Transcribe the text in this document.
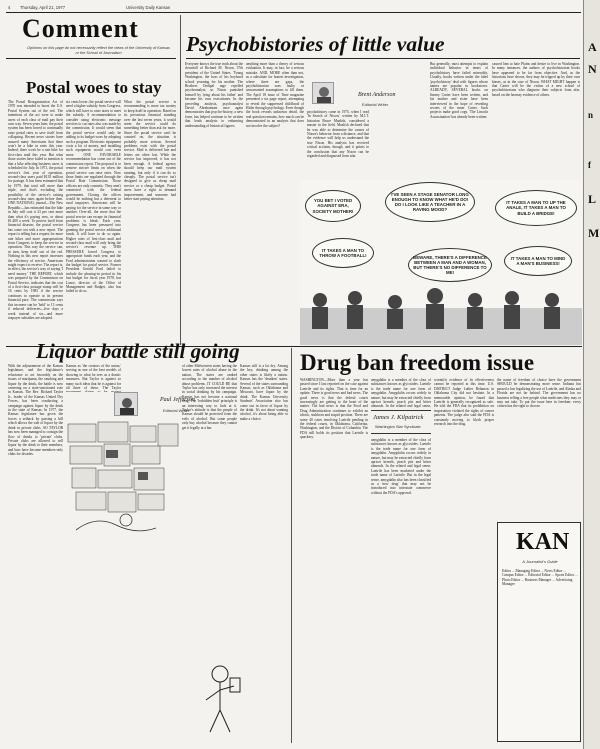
4 Thursday, April 21, 1977	University Daily Kansan
Comment
Opinions on this page do not necessarily reflect the views of the University of Kansas or the School of Journalism
Postal woes to stay
The Postal Reorganization Act of 1970 was intended to boost the U.S. Postal System out of the red. The intentions of the act were to make users of each class of mail pay their own way. Seven years later, the postal system has been forced to continually raise postal rates to save itself from collapsing. Recent news stories have assured many Americans that there won't be a hike in rates this year. Indeed, there won't be a rate hike for first-class mail this year. But what those stories have failed to mention is that a hike affecting business users is scheduled for July. In 1971, the postal service's first year of operation, second-class users paid $135 million for postage. It has been estimated that by 1979, that total will more than triple, and that's excluding the possibility of the service's raising second-class rates again before then. ONE NATIONAL journal—The New Republic—has estimated that the hike in July will cost it 23 per cent more than what it's paying now, or about $1,400 a week. To protect itself from financial disaster, the postal service has come out with a new report. The report is telling but a request for more rate hikes and more appropriations from Congress to keep the service in operation. This way the service can, in turn, keep itself out of the red. Nothing in this new report increases the efficiency of service. Americans might expect to receive. The report is, in effect, the service's way of saying 'I need money.' THE REPORT, which was prepared by the Commission on Postal Service, indicates that the cost of a first-class postage stamp will be 16 cents by 1985 if the service continues to operate at its present financial pace. The commission says this increase can be 'held' to 13 cents if reduced deliveries—five days a week instead of six—and more taxpayer subsidies are adopted.
six cents lower; the postal service will need a higher subsidy from Congress, which will have to raise taxes to meet the subsidy. A recommendation to consider using electronic message services to cut rates also was made by the commission. It would seem that the postal service would only be adding to its budget woes by adopting such a program. Electronic equipment costs a lot of money, and installing such equipment would cost even more. ONE FAVORABLE recommendation has come out of the commission report. The proposal is to remove stricter limits on when the postal service can raise rates. Now those limits are regulated through the Postal Rate Commission. Those officers are only cosmetic. They aren't connected with the federal government. Closing the offices would be nothing but a deterrent to rural taxpayers. Americans will be paying for the service in some way or another. Over-all, the more that the postal service can escape its financial problems is bleak. Each year, Congress has been pressured into granting the postal service additional funds. It will have to do so again. Higher rates of first-class mail and second-class mail will only bring the service's revenue up. THIS PRESSURE forced Congress to appropriate funds each year, and the Ford administration wanted to slash the budget for postal service. Former President Gerald Ford failed to include the phasing-in period in his last budget for fiscal year 1978, but Lance, director of the Office of Management and Budget, also has failed to do so.
What the postal service is recommending is more tax money to keep itself in operation. Based on its precarious financial standing over the last seven years, it would seem the service could do something better than ask for more. Since the postal service can't be counted on, the situation is probably more serious. Several problems exist with the postal service. Mail is delivered late and letters are often lost. While the service has improved, it has not been enough. A federal agency should keep our mail system running, but only if it can do so cheaply. The postal service isn't designed to give us cheap mail service or a cheap budget. Postal users have a right to demand improvement, and someone had better start paying attention.
Psychobistories of little value
Everyone knows the true truth about the downfall of Richard M. Nixon, 37th president of the United States. 'Young Washington, the boss of his boyhood school yearning for his mother. The Brothers Oedipal rage repelled psychoanalyst, so Nixon punished himself by lying about his father' and became his own executioner. In the preceding analysis, psychoanalyst David Abrahamsen once again demonstrates that psycho-history, a new form, has helped continue to be written that leads analysts to enhancing understanding of historical figures.
Brent Anderson
Editorial Writer
anything more than a theory of serious evaluation. It may, in fact, be a serious mistake. AND, MORE often than not, as a substitute for honest investigation, where there are gaps, the psychohistorian uses faulty or unwarranted assumptions to fill them. The April 18 issue of Time magazine presented a six page report, attempting to reveal the suppressed childhood of Hitler through psychology. Even though the book reveals unknown detail, the real question remains, how much can be demonstrated in an analysis that does not involve the subject?
psychohistory came in 1975, when I read 'In Search of Nixon,' written by M.I.T. historian Bruce Mazlish, considered a master in the field. Mazlish declared that he was able to determine the causes of Nixon's behavior from a distance, and that the evidence will help us understand the true Nixon. His analysis has received critical acclaim, though, and it points to the conclusion that any Nixon can be regarded and diagnosed from afar.
But generally, most attempts to explain individual behavior in terms of psychohistory have failed miserably. Usually, books written under the label 'psychohistory' deal with figures whose names are popular in bookstores. ALREADY, SEVERAL books on Jimmy Carter have been written, and his mother and sister have been interviewed in the hope of revealing secrets of the inner Carter. Such projects make good copy. 'The Lincoln Assassination' has already been written.
caused him to hate Plains and desire to live in Washington. In many instances, the authors of psychohistorian books have appeared to be far from objective. And, as the historians have shown, they may be tripped up by their own biases, as in the case of Nixon. WHAT MIGHT happen is that Carter will be the victim of a new school of psychohistorians who diagnose their subjects from afar, based on the hearsay evidence of others.
YOU BET I VOTED AGAINST ERA, SOCIETY MOTHER!
I'VE SEEN A STAGE SENATOR LONG ENOUGH TO KNOW WHAT HE'D DO! DO I LOOK LIKE A TEACHER IN A RAVING MOOD?
IT TAKES A MAN TO UP THE ANALE, IT TAKES A MAN TO BUILD A BRIDGE!
IT TAKES A MAN TO THROW A FOOTBALL!	BEWARE, THERE'S A DIFFERENCE BETWEEN A MAN AND A WOMAN, BUT THERE'S NO DIFFERENCE TO ME!
IT TAKES A MAN TO MIND A MAN'S BUSINESS!
Liquor battle still going
With the adjournment of the Kansas legislature, and the legislature's reluctance to act favorably on the issues of marijuana, the smoking and liquor by the drink, the battle is now centering on a state-sanctioned vote in Kansas. The Rev. Richard Taylor Jr., leader of the Kansas United Dry Forces, has been conducting a campaign against liquor by the drink in the state of Kansas. In 1977, the Kansas legislature has given the forces a setback by passing a bill which allows the sale of liquor by the drink in private clubs. SO TAYLOR has now been managed to consign the flow of drinks to 'private' clubs. Private clubs are allowed to sell liquor by the drink to their members, and bars have become members-only clubs for decades.
Paul Jefferson
Editorial Writer
Kansas as 'the creators of the union,' serving as one of the best models of showing to what he sees as a drastic measures. But Taylor is against so many such ideas that he is against for all three of these. The Taylor
of other Midwestern states having the lowest rates of alcohol abuse in the nation. The states are ranked according to the number of alcohol abuse problems. IT COULD BE that Taylor has only increased the interest in social drinking by his campaign. Kansas has not become a national drug. The 'forbidden fruit' principle is an interesting way to look at it. Taylor's attitude is that the people of Kansas should be protected from the evils of alcohol. But some people only buy alcohol because they cannot get it legally at a bar.
Kansas still is a lot dry. Among the key, drinking among the other states is likely a nation. Kansas has the 'drunken' states. Several of the states surrounding Kansas, such as Oklahoma and Missouri, have liquor by the drink. The Kansas University Students' Association also has come out in favor of liquor by the drink. It's not about wanting alcohol, it's about being able to make a choice.
Drug ban freedom issue
WASHINGTON—More than a year has passed since I last reported on the case against Laetrile and its rights. That is time for an update. There is good news and bad news. The good news is that the federal courts increasingly are getting to the heart of the matter. The bad news is that the Food and Drug Administration continues to exhibit an idiotic, stubborn and stupid position. There are some 40 cases involving Laetrile pending in the federal courts, in Oklahoma, California, Washington, and the District of Columbia. The FDA still holds its position that Laetrile is quackery.
James J. Kilpatrick
Washington Star Syndicate
amygdalin is a member of the class of substances known as glycosides. Laetrile is the trade name for one form of amygdalin. Amygdalin occurs widely in nature, but may be extracted chiefly from apricot kernels, peach pits and bitter almonds. In the related and legal sense,
amygdalin is a member of the class of substances known as glycosides. Laetrile is the trade name for one form of amygdalin. Amygdalin occurs widely in nature, but may be extracted chiefly from apricot kernels, peach pits and bitter almonds. In the related and legal sense, Laetrile has been marketed under the trade name of Laetrile. But in the legal sense, amygdalin also has been classified as a 'new drug' that may not be introduced into interstate commerce without the FDA's approval.
scientific evidence of its effectiveness cannot be reported at this time. U.S. DISTRICT Judge Luther Bohanon in Oklahoma City did not hesitate. In a memorable opinion, he found that Laetrile is generally recognized as safe. He told the FDA that its prohibition on importation violated the rights of cancer patients. The judge also said the FDA is constantly moving to block proper research into the drug.
the name of freedom of choice have the government SHOULD be demonstrating more sense. Indiana has passed a law legalizing the use of Laetrile, and Alaska and Florida are not far behind. The government has no business telling a free people what medicines they may or may not take. To put the issue here in freedom: every citizen has the right to choose.
KAN
A Journalist's Guide
Editor ... Managing Editor ... News Editor ... Campus Editor ... Editorial Editor ... Sports Editor ... Photo Editor ... Business Manager ... Advertising Manager
A
N
n
f
L
M
